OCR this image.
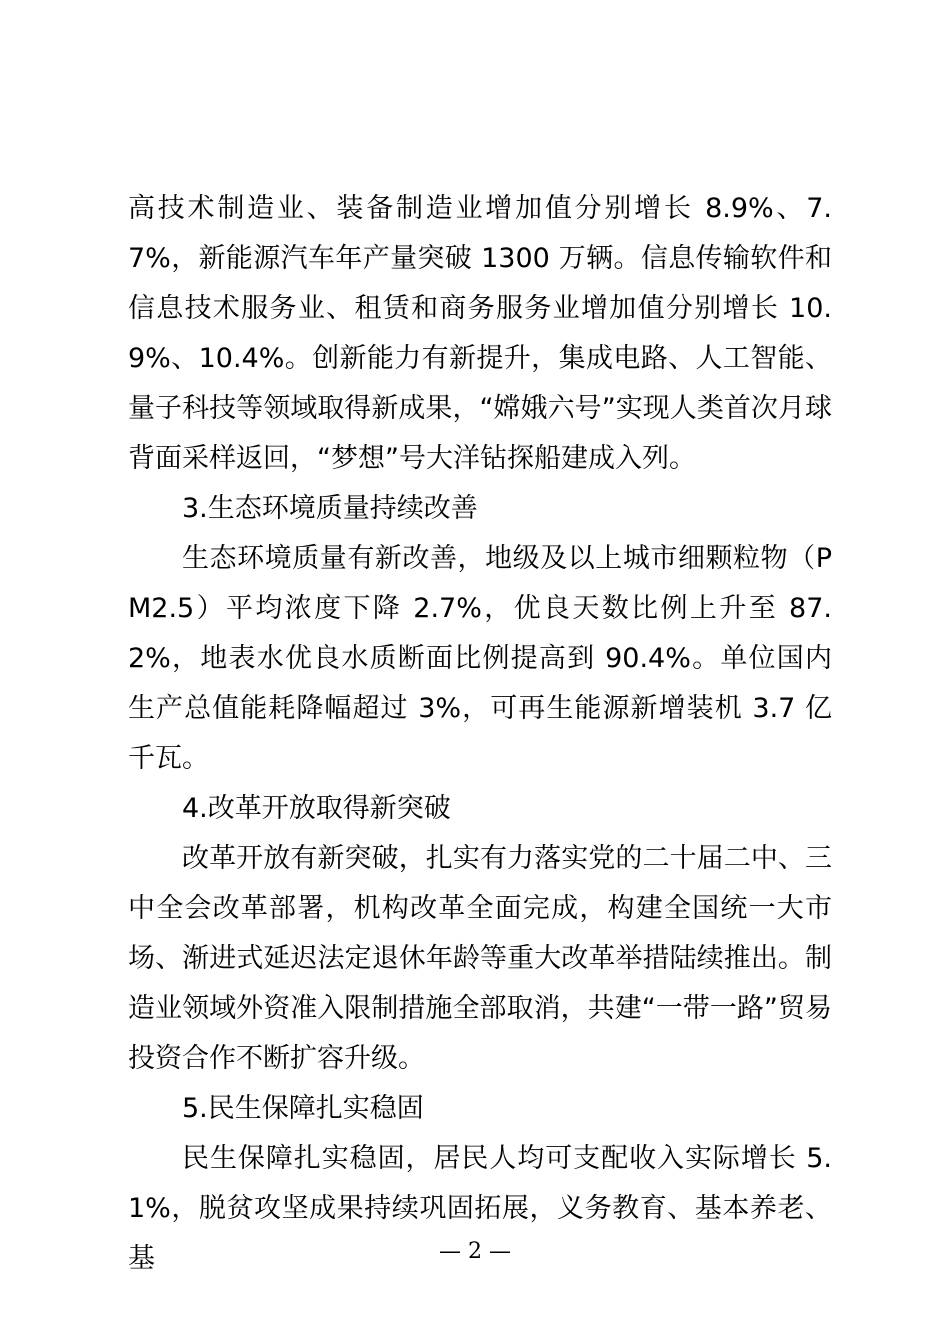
高技术制造业、装备制造业增加值分别增长 8.9%、7.7%，新能源汽车年产量突破 1300 万辆。信息传输软件和信息技术服务业、租赁和商务服务业增加值分别增长 10.9%、10.4%。创新能力有新提升，集成电路、人工智能、量子科技等领域取得新成果，“嫦娥六号”实现人类首次月球背面采样返回，“梦想”号大洋钻探船建成入列。

3.生态环境质量持续改善

生态环境质量有新改善，地级及以上城市细颗粒物（PM2.5）平均浓度下降 2.7%，优良天数比例上升至 87.2%，地表水优良水质断面比例提高到 90.4%。单位国内生产总值能耗降幅超过 3%，可再生能源新增装机 3.7 亿千瓦。

4.改革开放取得新突破

改革开放有新突破，扎实有力落实党的二十届二中、三中全会改革部署，机构改革全面完成，构建全国统一大市场、渐进式延迟法定退休年龄等重大改革举措陆续推出。制造业领域外资准入限制措施全部取消，共建“一带一路”贸易投资合作不断扩容升级。

5.民生保障扎实稳固

民生保障扎实稳固，居民人均可支配收入实际增长 5.1%，脱贫攻坚成果持续巩固拓展，义务教育、基本养老、基	— 2 —
